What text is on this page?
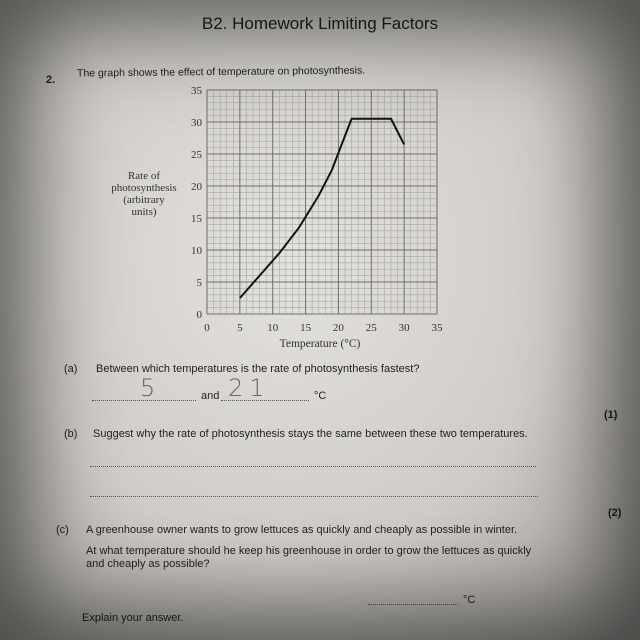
B2. Homework Limiting Factors
2.
The graph shows the effect of temperature on photosynthesis.
Rate of
photosynthesis
(arbitrary
units)
0 5 10 15 20 25 30 35
0
5
10
15
20
25
30
35
Temperature (°C)
(a) Between which temperatures is the rate of photosynthesis fastest?
5	and 21	°C
(1)
(b) Suggest why the rate of photosynthesis stays the same between these two temperatures.
(2)
(c) A greenhouse owner wants to grow lettuces as quickly and cheaply as possible in winter.
At what temperature should he keep his greenhouse in order to grow the lettuces as quickly
and cheaply as possible?
°C
Explain your answer.
